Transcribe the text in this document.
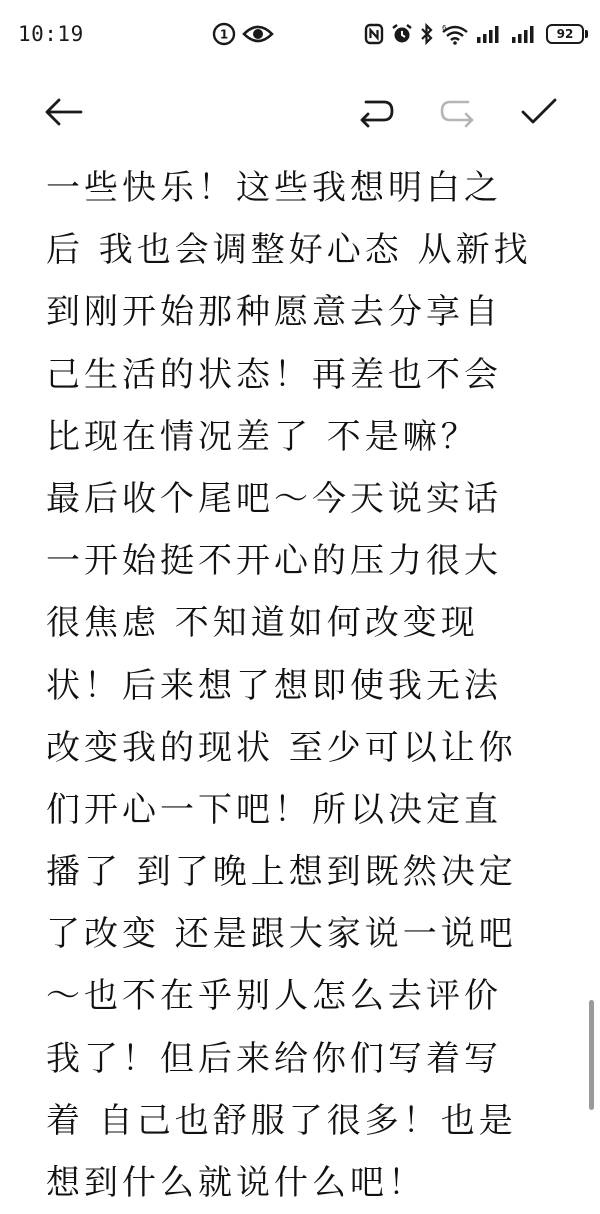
10:19	1	6	92
一些快乐！这些我想明白之
后 我也会调整好心态 从新找
到刚开始那种愿意去分享自
己生活的状态！再差也不会
比现在情况差了 不是嘛？
最后收个尾吧～今天说实话
一开始挺不开心的压力很大
很焦虑 不知道如何改变现
状！后来想了想即使我无法
改变我的现状 至少可以让你
们开心一下吧！所以决定直
播了 到了晚上想到既然决定
了改变 还是跟大家说一说吧
～也不在乎别人怎么去评价
我了！但后来给你们写着写
着 自己也舒服了很多！也是
想到什么就说什么吧！
